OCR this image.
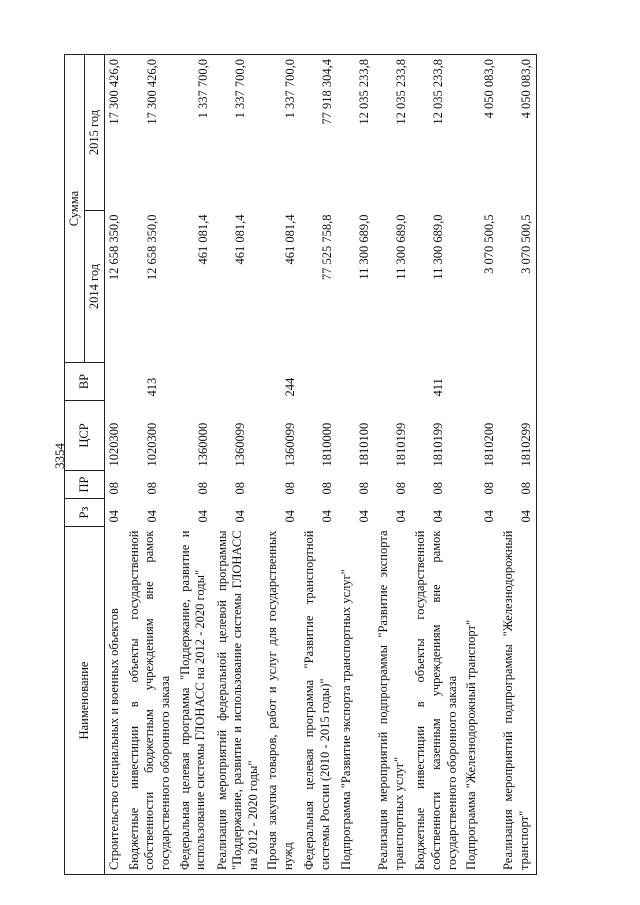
3354
Наименование	Рз	ПР	ЦСР	ВР	Сумма	
					2014 год	2015 год
Строительство специальных и военных объектов	04	08	1020300		12 658 350,0	17 300 426,0
Бюджетные инвестиции в объекты государственной собственности бюджетным учреждениям вне рамок государственного оборонного заказа	04	08	1020300	413	12 658 350,0	17 300 426,0
Федеральная целевая программа "Поддержание, развитие и использование системы ГЛОНАСС на 2012 - 2020 годы"	04	08	1360000		461 081,4	1 337 700,0
Реализация мероприятий федеральной целевой программы "Поддержание, развитие и использование системы ГЛОНАСС на 2012 - 2020 годы"	04	08	1360099		461 081,4	1 337 700,0
Прочая закупка товаров, работ и услуг для государственных нужд	04	08	1360099	244	461 081,4	1 337 700,0
Федеральная целевая программа "Развитие транспортной системы России (2010 - 2015 годы)"	04	08	1810000		77 525 758,8	77 918 304,4
Подпрограмма "Развитие экспорта транспортных услуг"	04	08	1810100		11 300 689,0	12 035 233,8
Реализация мероприятий подпрограммы "Развитие экспорта транспортных услуг"	04	08	1810199		11 300 689,0	12 035 233,8
Бюджетные инвестиции в объекты государственной собственности казенным учреждениям вне рамок государственного оборонного заказа	04	08	1810199	411	11 300 689,0	12 035 233,8
Подпрограмма "Железнодорожный транспорт"	04	08	1810200		3 070 500,5	4 050 083,0
Реализация мероприятий подпрограммы "Железнодорожный транспорт"	04	08	1810299		3 070 500,5	4 050 083,0
